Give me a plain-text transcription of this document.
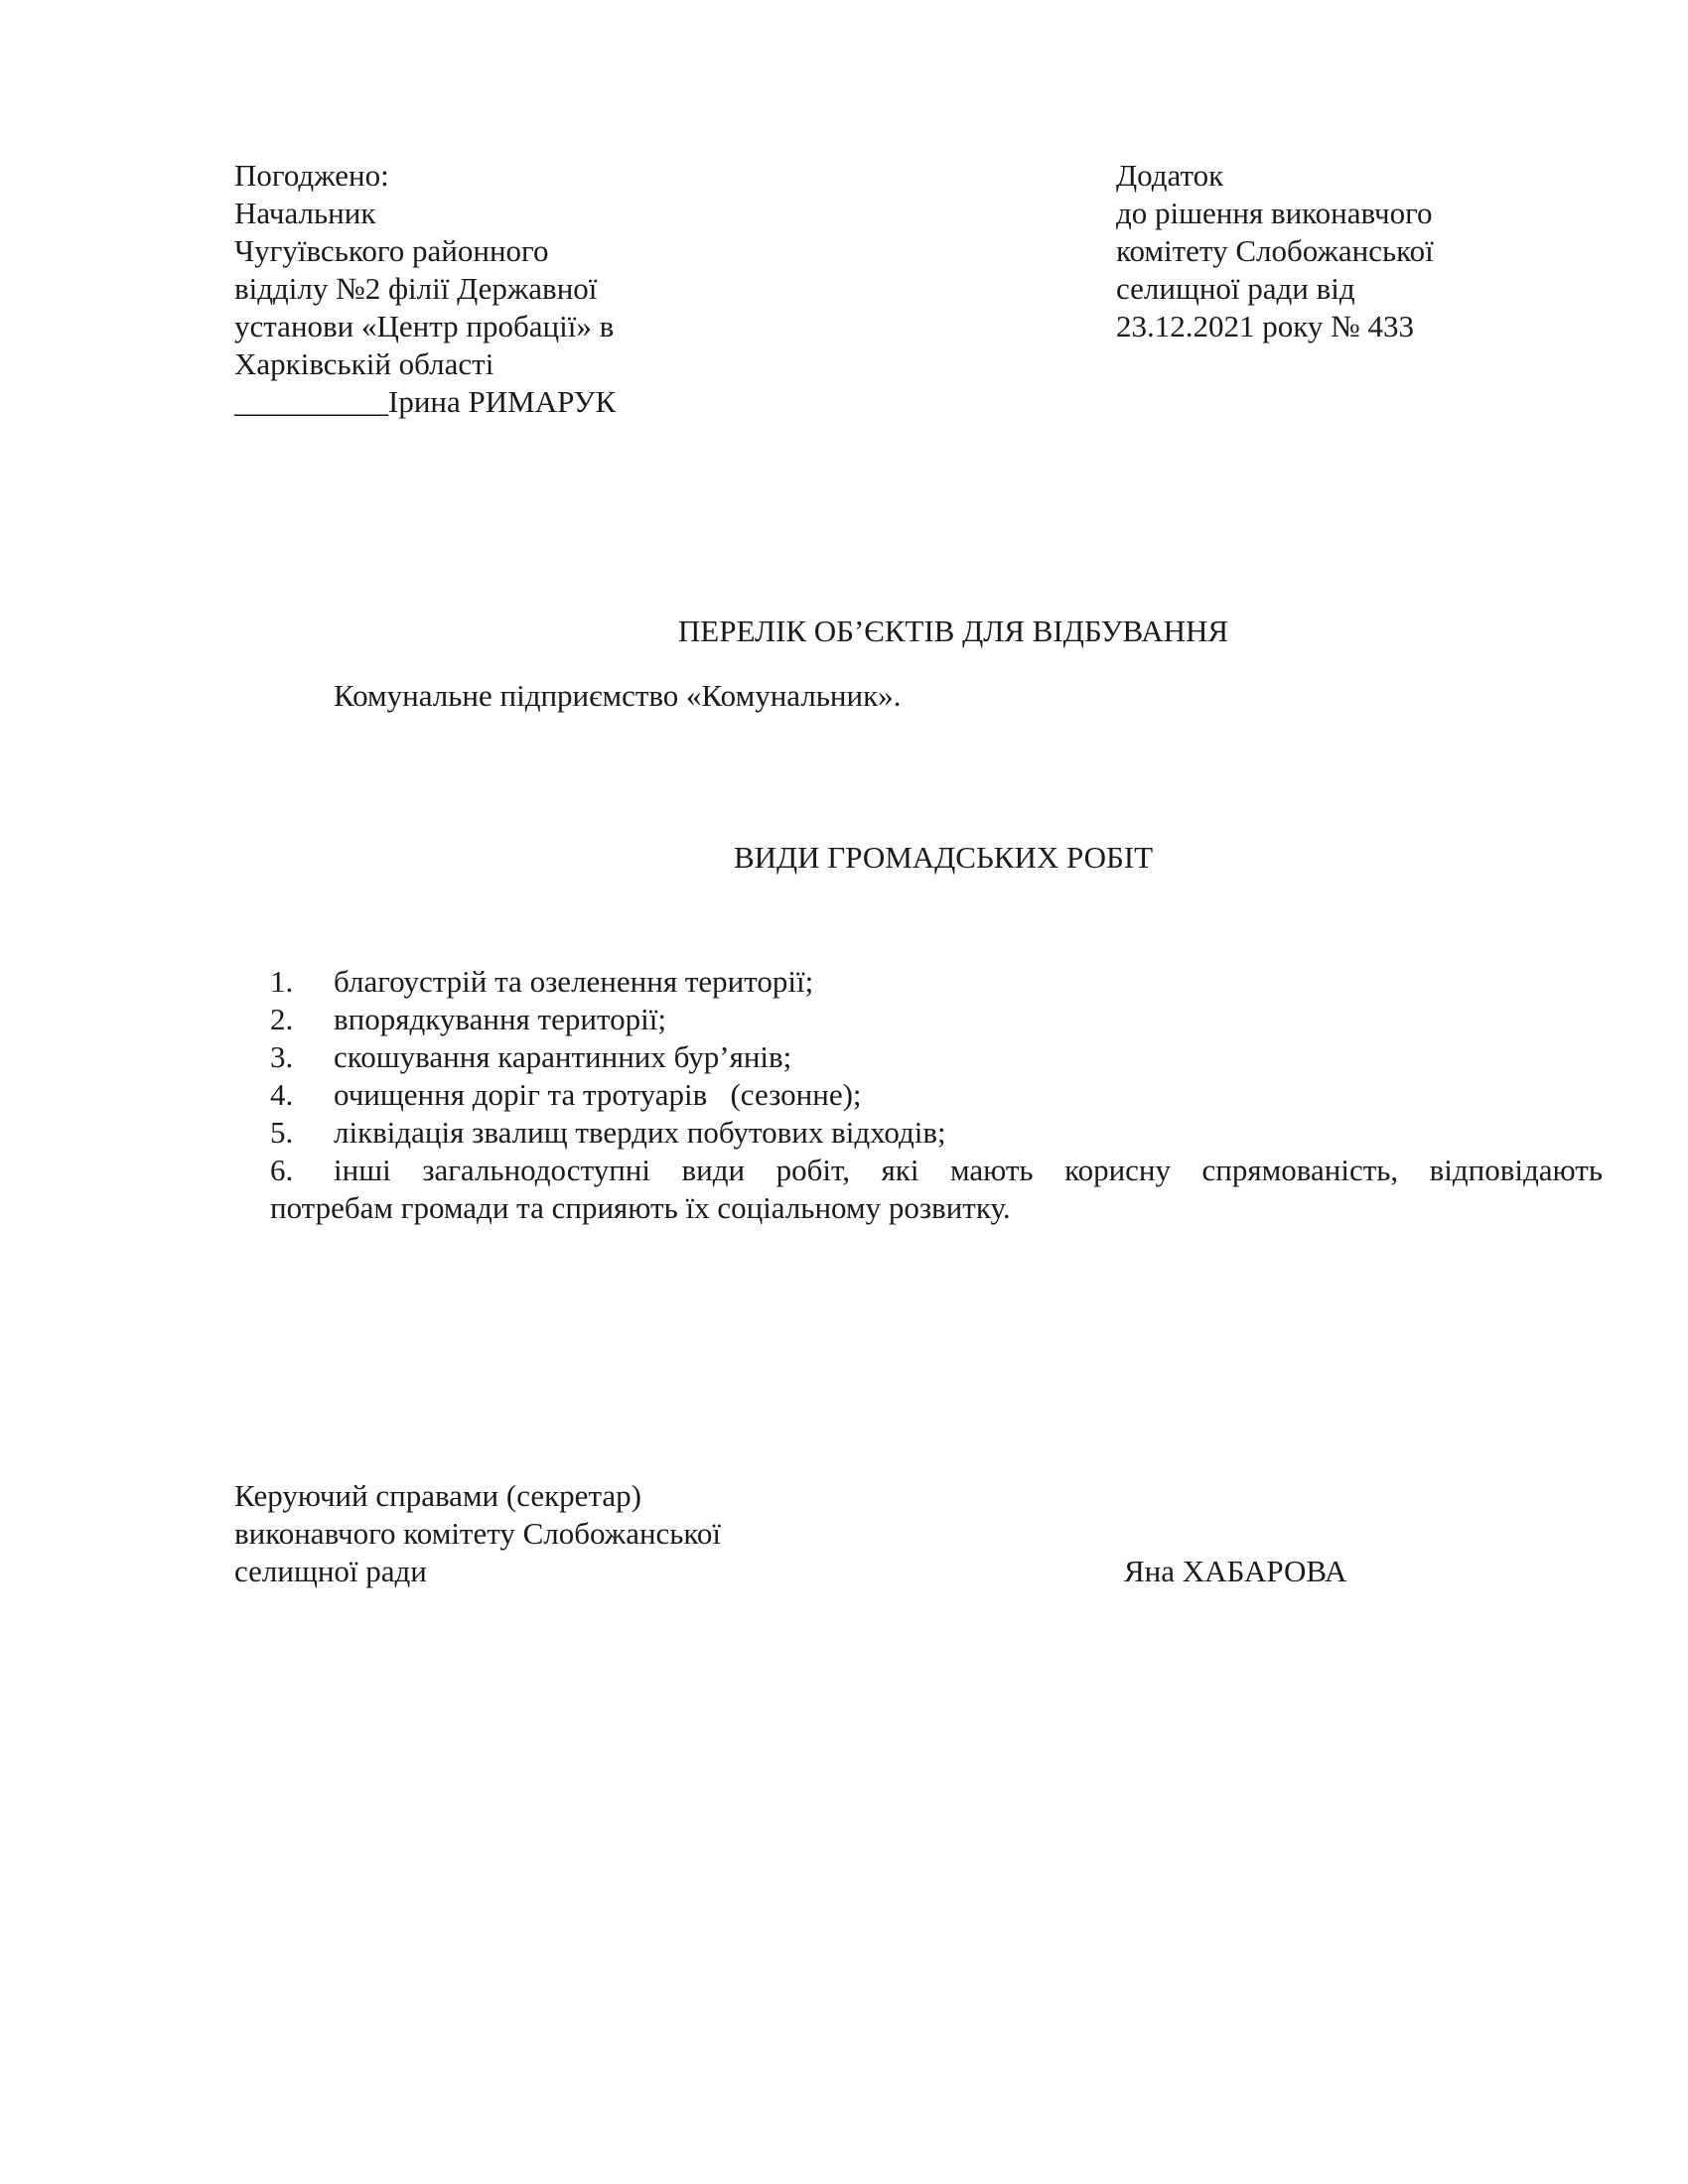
Погоджено:
Начальник
Чугуївського районного
відділу №2 філії Державної
установи «Центр пробації» в
Харківській області
__________Ірина РИМАРУК
Додаток
до рішення виконавчого
комітету Слобожанської
селищної ради від
23.12.2021 року № 433
ПЕРЕЛІК ОБ’ЄКТІВ ДЛЯ ВІДБУВАННЯ
Комунальне підприємство «Комунальник».
ВИДИ ГРОМАДСЬКИХ РОБІТ
1.	благоустрій та озеленення території;
2.	впорядкування території;
3.	скошування карантинних бур’янів;
4.	очищення доріг та тротуарів   (сезонне);
5.	ліквідація звалищ твердих побутових відходів;
6.	інші загальнодоступні види робіт, які мають корисну спрямованість, відповідають
потребам громади та сприяють їх соціальному розвитку.
Керуючий справами (секретар)
виконавчого комітету Слобожанської
селищної ради	Яна ХАБАРОВА
